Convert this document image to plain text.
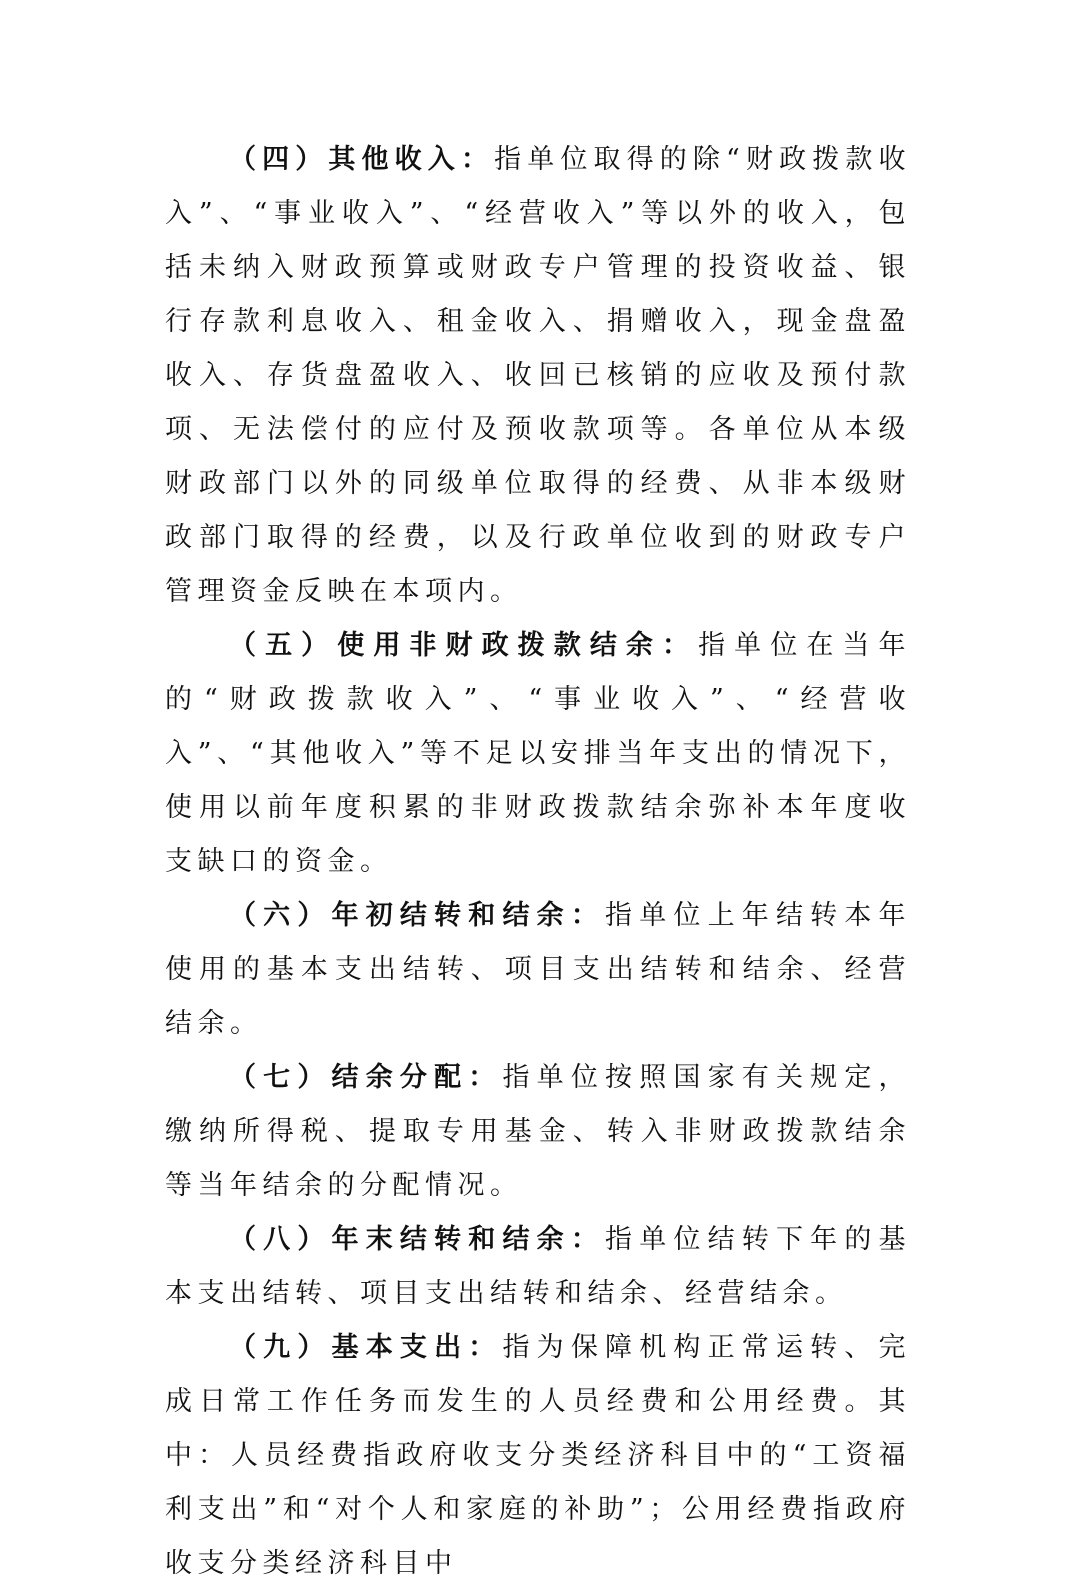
（四）其他收入：指单位取得的除“财政拨款收入”、“事业收入”、“经营收入”等以外的收入，包括未纳入财政预算或财政专户管理的投资收益、银行存款利息收入、租金收入、捐赠收入，现金盘盈收入、存货盘盈收入、收回已核销的应收及预付款项、无法偿付的应付及预收款项等。各单位从本级财政部门以外的同级单位取得的经费、从非本级财政部门取得的经费，以及行政单位收到的财政专户管理资金反映在本项内。

（五）使用非财政拨款结余：指单位在当年的“财政拨款收入”、“事业收入”、“经营收入”、“其他收入”等不足以安排当年支出的情况下，使用以前年度积累的非财政拨款结余弥补本年度收支缺口的资金。

（六）年初结转和结余：指单位上年结转本年使用的基本支出结转、项目支出结转和结余、经营结余。

（七）结余分配：指单位按照国家有关规定，缴纳所得税、提取专用基金、转入非财政拨款结余等当年结余的分配情况。

（八）年末结转和结余：指单位结转下年的基本支出结转、项目支出结转和结余、经营结余。

（九）基本支出：指为保障机构正常运转、完成日常工作任务而发生的人员经费和公用经费。其中：人员经费指政府收支分类经济科目中的“工资福利支出”和“对个人和家庭的补助”；公用经费指政府收支分类经济科目中
